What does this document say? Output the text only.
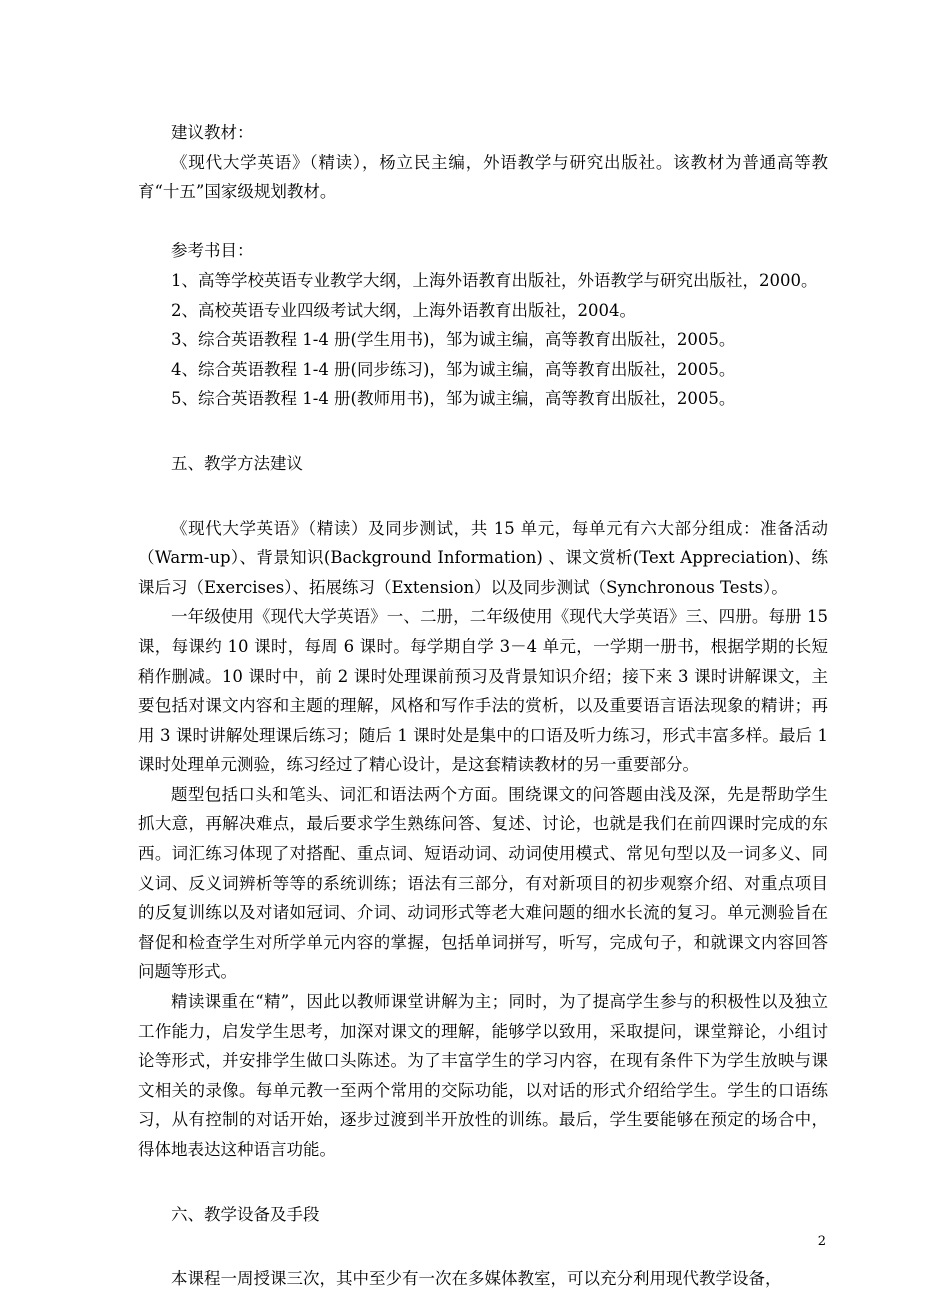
建议教材：

《现代大学英语》（精读），杨立民主编，外语教学与研究出版社。该教材为普通高等教育“十五”国家级规划教材。

参考书目：

1、高等学校英语专业教学大纲，上海外语教育出版社，外语教学与研究出版社，2000。

2、高校英语专业四级考试大纲，上海外语教育出版社，2004。

3、综合英语教程 1-4 册(学生用书)，邹为诚主编，高等教育出版社，2005。

4、综合英语教程 1-4 册(同步练习)，邹为诚主编，高等教育出版社，2005。

5、综合英语教程 1-4 册(教师用书)，邹为诚主编，高等教育出版社，2005。

五、教学方法建议

《现代大学英语》（精读）及同步测试，共 15 单元，每单元有六大部分组成：准备活动（Warm-up）、背景知识(Background Information) 、课文赏析(Text Appreciation)、练课后习（Exercises）、拓展练习（Extension）以及同步测试（Synchronous Tests）。

一年级使用《现代大学英语》一、二册，二年级使用《现代大学英语》三、四册。每册 15 课，每课约 10 课时，每周 6 课时。每学期自学 3－4 单元，一学期一册书，根据学期的长短稍作删减。10 课时中，前 2 课时处理课前预习及背景知识介绍；接下来 3 课时讲解课文，主要包括对课文内容和主题的理解，风格和写作手法的赏析，以及重要语言语法现象的精讲；再用 3 课时讲解处理课后练习；随后 1 课时处是集中的口语及听力练习，形式丰富多样。最后 1 课时处理单元测验，练习经过了精心设计，是这套精读教材的另一重要部分。

题型包括口头和笔头、词汇和语法两个方面。围绕课文的问答题由浅及深，先是帮助学生抓大意，再解决难点，最后要求学生熟练问答、复述、讨论，也就是我们在前四课时完成的东西。词汇练习体现了对搭配、重点词、短语动词、动词使用模式、常见句型以及一词多义、同义词、反义词辨析等等的系统训练；语法有三部分，有对新项目的初步观察介绍、对重点项目的反复训练以及对诸如冠词、介词、动词形式等老大难问题的细水长流的复习。单元测验旨在督促和检查学生对所学单元内容的掌握，包括单词拼写，听写，完成句子，和就课文内容回答问题等形式。

精读课重在“精”，因此以教师课堂讲解为主；同时，为了提高学生参与的积极性以及独立工作能力，启发学生思考，加深对课文的理解，能够学以致用，采取提问，课堂辩论，小组讨论等形式，并安排学生做口头陈述。为了丰富学生的学习内容，在现有条件下为学生放映与课文相关的录像。每单元教一至两个常用的交际功能，以对话的形式介绍给学生。学生的口语练习，从有控制的对话开始，逐步过渡到半开放性的训练。最后，学生要能够在预定的场合中，得体地表达这种语言功能。

六、教学设备及手段

本课程一周授课三次，其中至少有一次在多媒体教室，可以充分利用现代教学设备，

2
